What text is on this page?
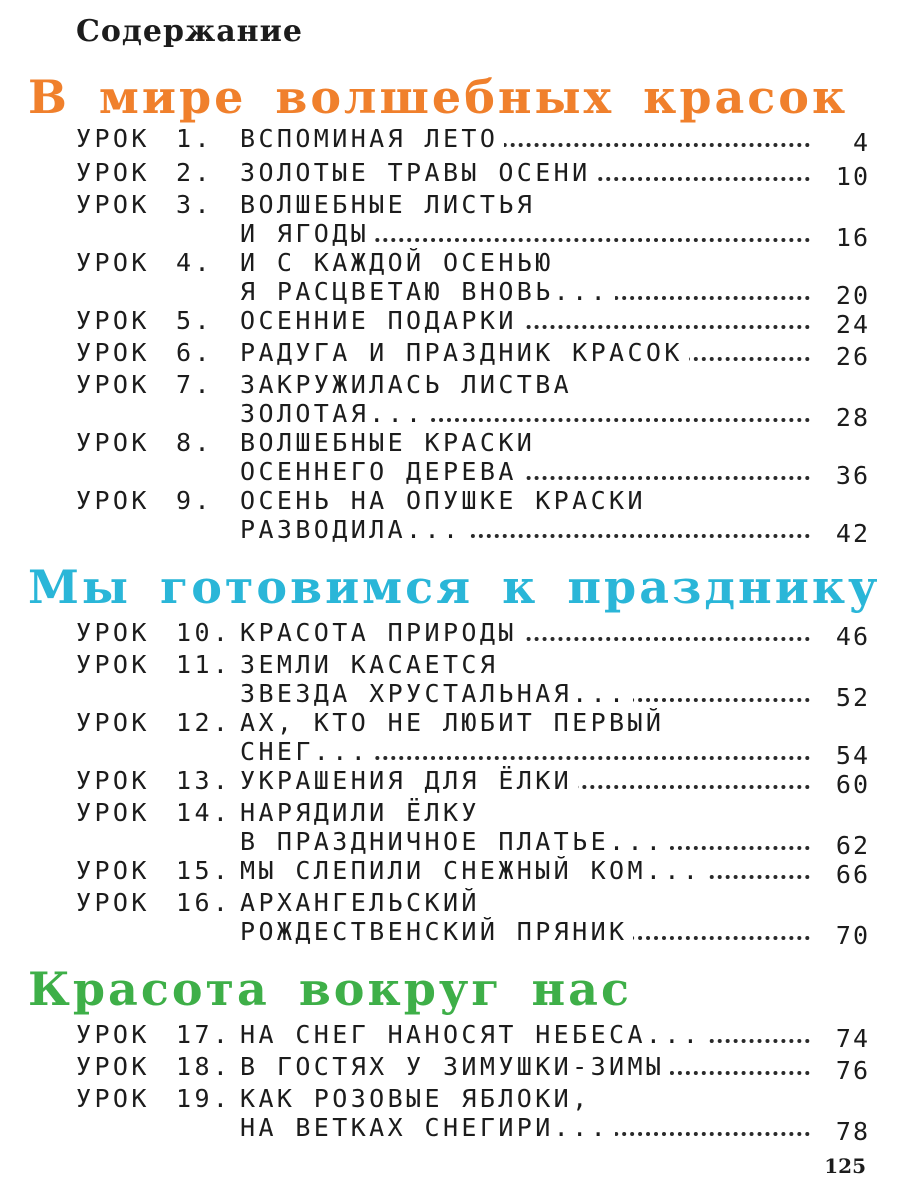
Содержание
В мире волшебных красок
УРОК 1. ВСПОМИНАЯ ЛЕТО	4
УРОК 2. ЗОЛОТЫЕ ТРАВЫ ОСЕНИ	10
УРОК 3. ВОЛШЕБНЫЕ ЛИСТЬЯ
И ЯГОДЫ	16
УРОК 4. И С КАЖДОЙ ОСЕНЬЮ
Я РАСЦВЕТАЮ ВНОВЬ...	20
УРОК 5. ОСЕННИЕ ПОДАРКИ	24
УРОК 6. РАДУГА И ПРАЗДНИК КРАСОК	26
УРОК 7. ЗАКРУЖИЛАСЬ ЛИСТВА
ЗОЛОТАЯ...	28
УРОК 8. ВОЛШЕБНЫЕ КРАСКИ
ОСЕННЕГО ДЕРЕВА	36
УРОК 9. ОСЕНЬ НА ОПУШКЕ КРАСКИ
РАЗВОДИЛА...	42
Мы готовимся к празднику
УРОК 10. КРАСОТА ПРИРОДЫ	46
УРОК 11. ЗЕМЛИ КАСАЕТСЯ
ЗВЕЗДА ХРУСТАЛЬНАЯ...	52
УРОК 12. АХ, КТО НЕ ЛЮБИТ ПЕРВЫЙ
СНЕГ...	54
УРОК 13. УКРАШЕНИЯ ДЛЯ ЁЛКИ	60
УРОК 14. НАРЯДИЛИ ЁЛКУ
В ПРАЗДНИЧНОЕ ПЛАТЬЕ...	62
УРОК 15. МЫ СЛЕПИЛИ СНЕЖНЫЙ КОМ...	66
УРОК 16. АРХАНГЕЛЬСКИЙ
РОЖДЕСТВЕНСКИЙ ПРЯНИК	70
Красота вокруг нас
УРОК 17. НА СНЕГ НАНОСЯТ НЕБЕСА...	74
УРОК 18. В ГОСТЯХ У ЗИМУШКИ-ЗИМЫ	76
УРОК 19. КАК РОЗОВЫЕ ЯБЛОКИ,
НА ВЕТКАХ СНЕГИРИ...	78
125
